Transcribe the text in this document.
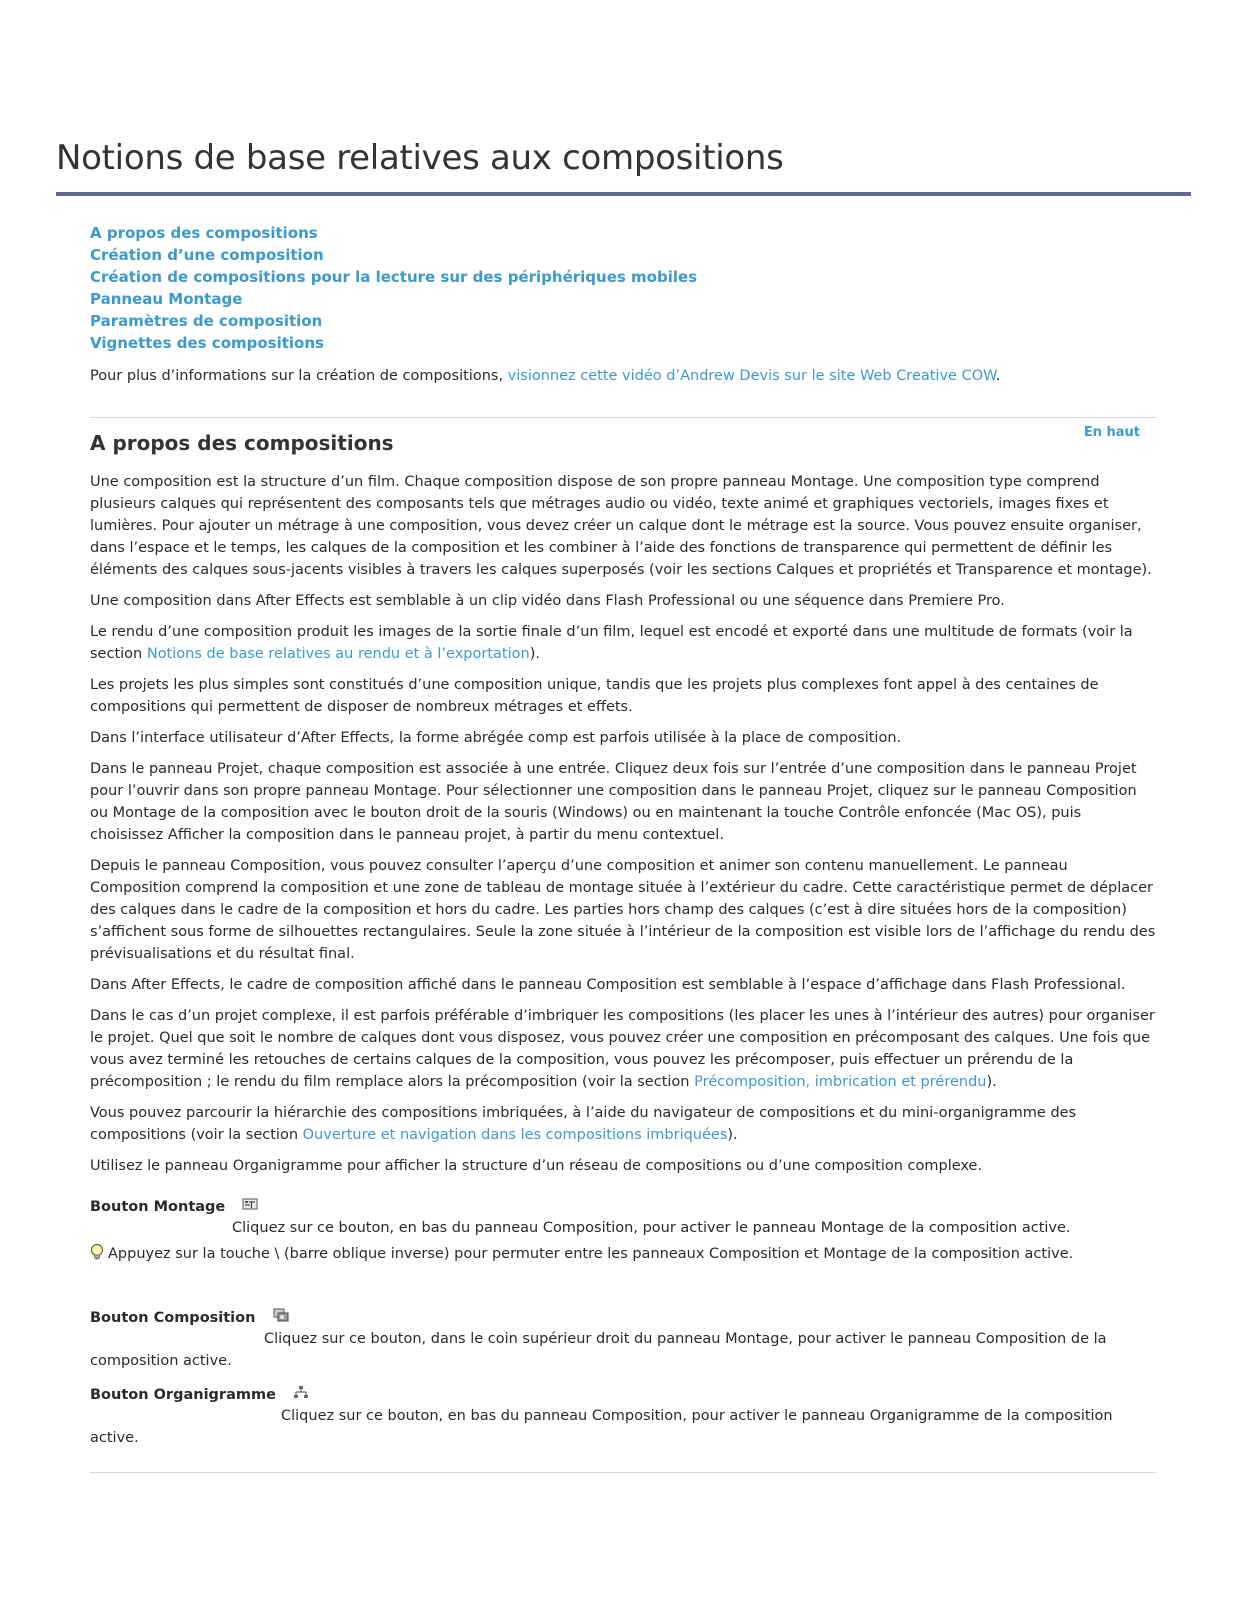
Notions de base relatives aux compositions
A propos des compositions
Création d’une composition
Création de compositions pour la lecture sur des périphériques mobiles
Panneau Montage
Paramètres de composition
Vignettes des compositions

Pour plus d’informations sur la création de compositions, visionnez cette vidéo d’Andrew Devis sur le site Web Creative COW.

A propos des compositions	En haut

Une composition est la structure d’un film. Chaque composition dispose de son propre panneau Montage. Une composition type comprend plusieurs calques qui représentent des composants tels que métrages audio ou vidéo, texte animé et graphiques vectoriels, images fixes et lumières. Pour ajouter un métrage à une composition, vous devez créer un calque dont le métrage est la source. Vous pouvez ensuite organiser, dans l’espace et le temps, les calques de la composition et les combiner à l’aide des fonctions de transparence qui permettent de définir les éléments des calques sous-jacents visibles à travers les calques superposés (voir les sections Calques et propriétés et Transparence et montage).

Une composition dans After Effects est semblable à un clip vidéo dans Flash Professional ou une séquence dans Premiere Pro.

Le rendu d’une composition produit les images de la sortie finale d’un film, lequel est encodé et exporté dans une multitude de formats (voir la section Notions de base relatives au rendu et à l’exportation).

Les projets les plus simples sont constitués d’une composition unique, tandis que les projets plus complexes font appel à des centaines de compositions qui permettent de disposer de nombreux métrages et effets.

Dans l’interface utilisateur d’After Effects, la forme abrégée comp est parfois utilisée à la place de composition.

Dans le panneau Projet, chaque composition est associée à une entrée. Cliquez deux fois sur l’entrée d’une composition dans le panneau Projet pour l’ouvrir dans son propre panneau Montage. Pour sélectionner une composition dans le panneau Projet, cliquez sur le panneau Composition ou Montage de la composition avec le bouton droit de la souris (Windows) ou en maintenant la touche Contrôle enfoncée (Mac OS), puis choisissez Afficher la composition dans le panneau projet, à partir du menu contextuel.

Depuis le panneau Composition, vous pouvez consulter l’aperçu d’une composition et animer son contenu manuellement. Le panneau Composition comprend la composition et une zone de tableau de montage située à l’extérieur du cadre. Cette caractéristique permet de déplacer des calques dans le cadre de la composition et hors du cadre. Les parties hors champ des calques (c’est à dire situées hors de la composition) s’affichent sous forme de silhouettes rectangulaires. Seule la zone située à l’intérieur de la composition est visible lors de l’affichage du rendu des prévisualisations et du résultat final.

Dans After Effects, le cadre de composition affiché dans le panneau Composition est semblable à l’espace d’affichage dans Flash Professional.

Dans le cas d’un projet complexe, il est parfois préférable d’imbriquer les compositions (les placer les unes à l’intérieur des autres) pour organiser le projet. Quel que soit le nombre de calques dont vous disposez, vous pouvez créer une composition en précomposant des calques. Une fois que vous avez terminé les retouches de certains calques de la composition, vous pouvez les précomposer, puis effectuer un prérendu de la précomposition ; le rendu du film remplace alors la précomposition (voir la section Précomposition, imbrication et prérendu).

Vous pouvez parcourir la hiérarchie des compositions imbriquées, à l’aide du navigateur de compositions et du mini-organigramme des compositions (voir la section Ouverture et navigation dans les compositions imbriquées).

Utilisez le panneau Organigramme pour afficher la structure d’un réseau de compositions ou d’une composition complexe.

Bouton Montage
Cliquez sur ce bouton, en bas du panneau Composition, pour activer le panneau Montage de la composition active.
Appuyez sur la touche \ (barre oblique inverse) pour permuter entre les panneaux Composition et Montage de la composition active.
Bouton Composition
Cliquez sur ce bouton, dans le coin supérieur droit du panneau Montage, pour activer le panneau Composition de la composition active.
Bouton Organigramme
Cliquez sur ce bouton, en bas du panneau Composition, pour activer le panneau Organigramme de la composition active.
